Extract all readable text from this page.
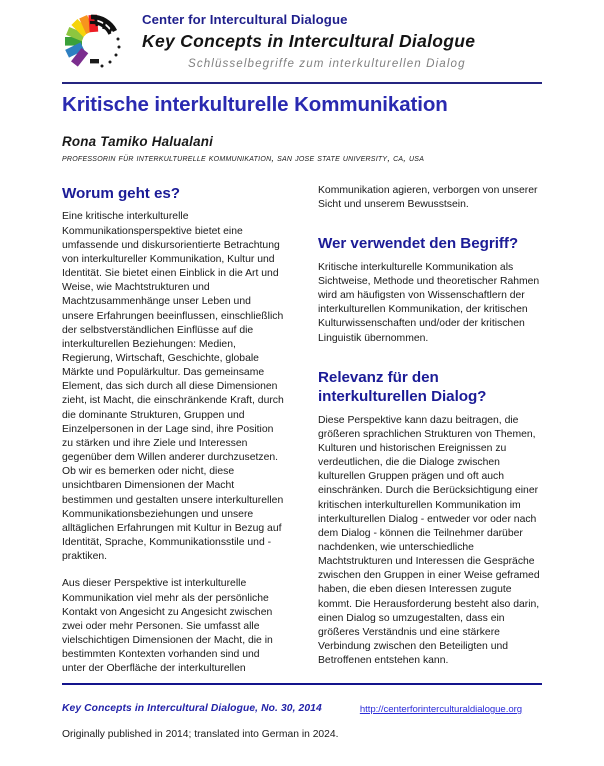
Center for Intercultural Dialogue
Key Concepts in Intercultural Dialogue
Schlüsselbegriffe zum interkulturellen Dialog
Kritische interkulturelle Kommunikation
Rona Tamiko Halualani
professorin für interkulturelle kommunikation, san jose state university, ca, usa
Worum geht es?

Eine kritische interkulturelle Kommunikationsperspektive bietet eine umfassende und diskursorientierte Betrachtung von interkultureller Kommunikation, Kultur und Identität. Sie bietet einen Einblick in die Art und Weise, wie Machtstrukturen und Machtzusammenhänge unser Leben und unsere Erfahrungen beeinflussen, einschließlich der selbstverständlichen Einflüsse auf die interkulturellen Beziehungen: Medien, Regierung, Wirtschaft, Geschichte, globale Märkte und Populärkultur. Das gemeinsame Element, das sich durch all diese Dimensionen zieht, ist Macht, die einschränkende Kraft, durch die dominante Strukturen, Gruppen und Einzelpersonen in der Lage sind, ihre Position zu stärken und ihre Ziele und Interessen gegenüber dem Willen anderer durchzusetzen. Ob wir es bemerken oder nicht, diese unsichtbaren Dimensionen der Macht bestimmen und gestalten unsere interkulturellen Kommunikationsbeziehungen und unsere alltäglichen Erfahrungen mit Kultur in Bezug auf Identität, Sprache, Kommunikationsstile und -praktiken.

Aus dieser Perspektive ist interkulturelle Kommunikation viel mehr als der persönliche Kontakt von Angesicht zu Angesicht zwischen zwei oder mehr Personen. Sie umfasst alle vielschichtigen Dimensionen der Macht, die in bestimmten Kontexten vorhanden sind und unter der Oberfläche der interkulturellen

Kommunikation agieren, verborgen von unserer Sicht und unserem Bewusstsein.

Wer verwendet den Begriff?

Kritische interkulturelle Kommunikation als Sichtweise, Methode und theoretischer Rahmen wird am häufigsten von Wissenschaftlern der interkulturellen Kommunikation, der kritischen Kulturwissenschaften und/oder der kritischen Linguistik übernommen.

Relevanz für den interkulturellen Dialog?

Diese Perspektive kann dazu beitragen, die größeren sprachlichen Strukturen von Themen, Kulturen und historischen Ereignissen zu verdeutlichen, die die Dialoge zwischen kulturellen Gruppen prägen und oft auch einschränken. Durch die Berücksichtigung einer kritischen interkulturellen Kommunikation im interkulturellen Dialog - entweder vor oder nach dem Dialog - können die Teilnehmer darüber nachdenken, wie unterschiedliche Machtstrukturen und Interessen die Gespräche zwischen den Gruppen in einer Weise geframed haben, die eben diesen Interessen zugute kommt. Die Herausforderung besteht also darin, einen Dialog so umzugestalten, dass ein größeres Verständnis und eine stärkere Verbindung zwischen den Beteiligten und Betroffenen entstehen kann.

Key Concepts in Intercultural Dialogue, No. 30, 2014	http://centerforinterculturaldialogue.org
Originally published in 2014; translated into German in 2024.
